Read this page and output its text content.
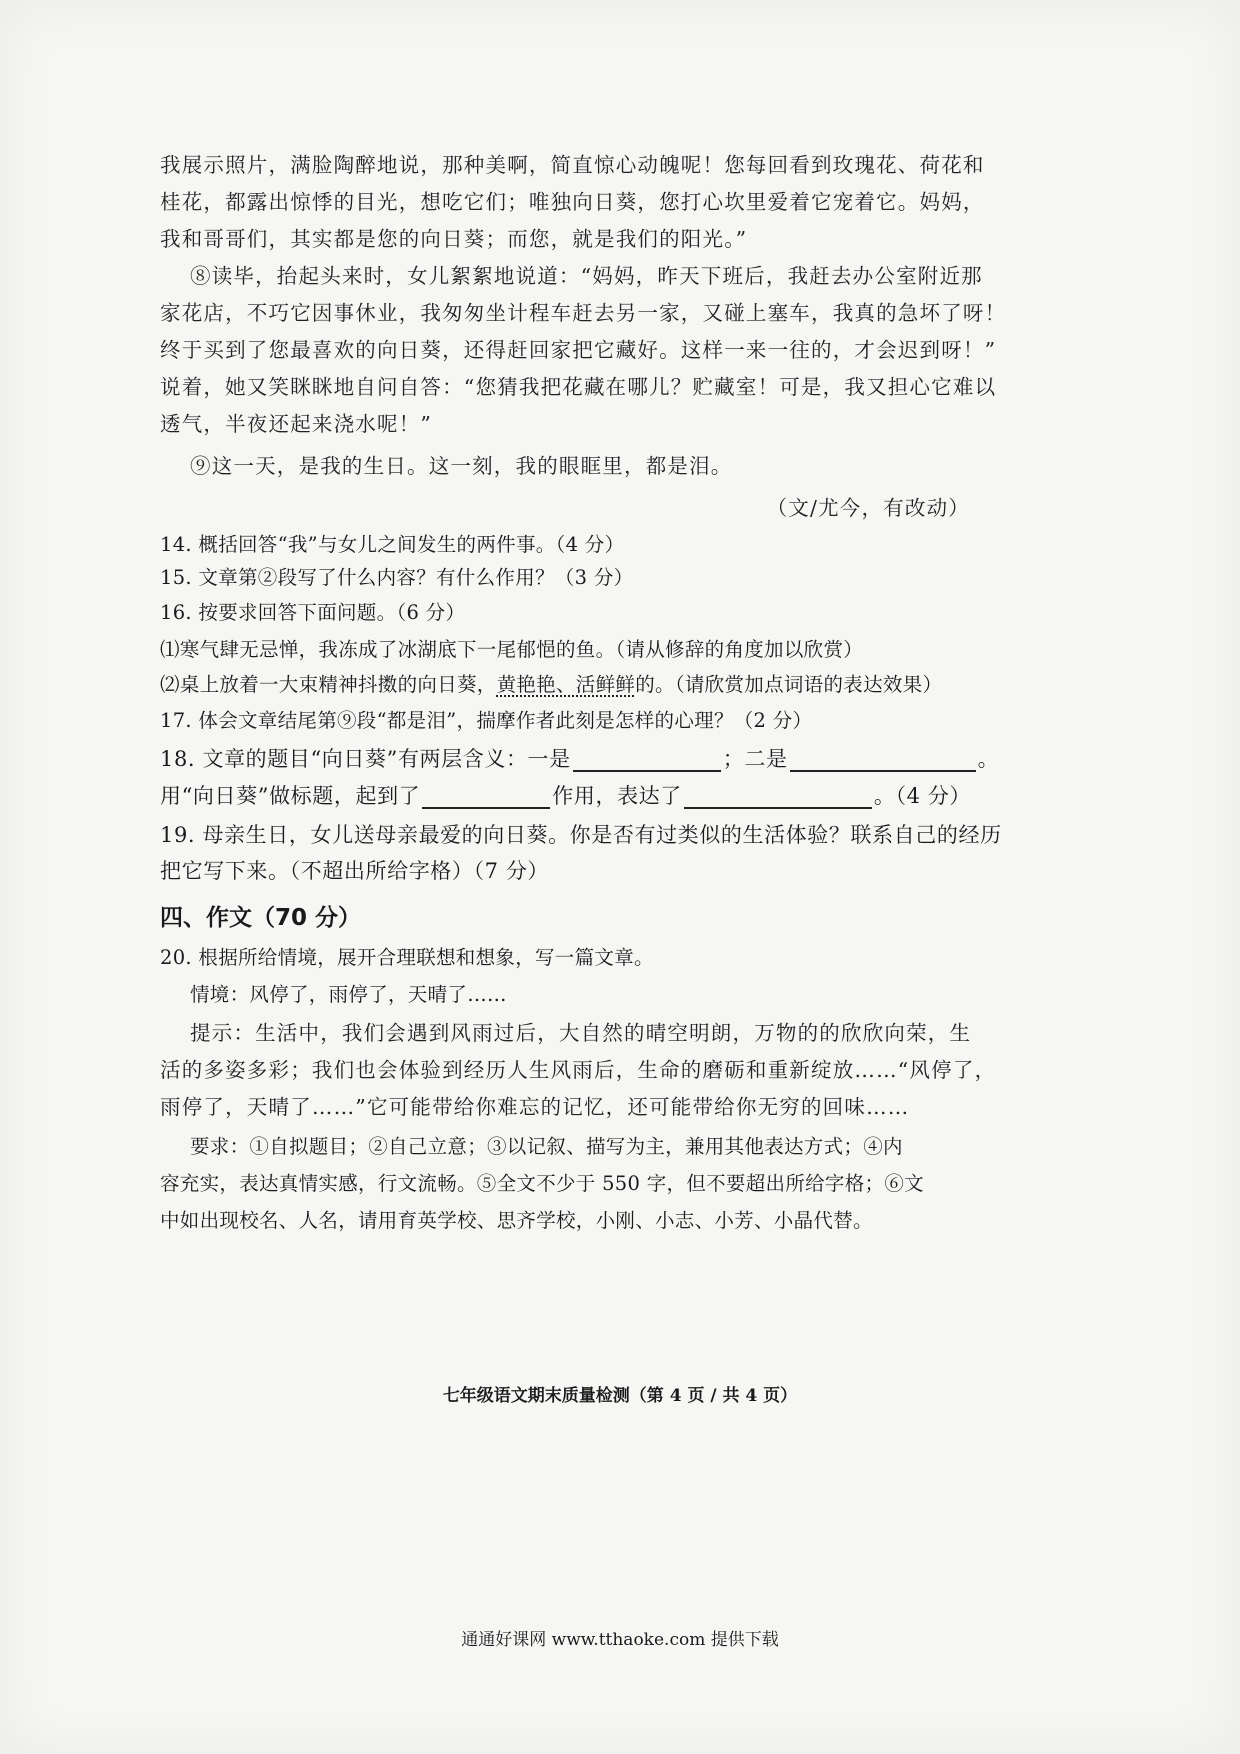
我展示照片，满脸陶醉地说，那种美啊，简直惊心动魄呢！您每回看到玫瑰花、荷花和
桂花，都露出惊悸的目光，想吃它们；唯独向日葵，您打心坎里爱着它宠着它。妈妈，
我和哥哥们，其实都是您的向日葵；而您，就是我们的阳光。”
⑧读毕，抬起头来时，女儿絮絮地说道：“妈妈，昨天下班后，我赶去办公室附近那
家花店，不巧它因事休业，我匆匆坐计程车赶去另一家，又碰上塞车，我真的急坏了呀！
终于买到了您最喜欢的向日葵，还得赶回家把它藏好。这样一来一往的，才会迟到呀！”
说着，她又笑眯眯地自问自答：“您猜我把花藏在哪儿？贮藏室！可是，我又担心它难以
透气，半夜还起来浇水呢！”
⑨这一天，是我的生日。这一刻，我的眼眶里，都是泪。
（文/尤今，有改动）
14. 概括回答“我”与女儿之间发生的两件事。（4 分）
15. 文章第②段写了什么内容？有什么作用？（3 分）
16. 按要求回答下面问题。（6 分）
⑴寒气肆无忌惮，我冻成了冰湖底下一尾郁悒的鱼。（请从修辞的角度加以欣赏）
⑵桌上放着一大束精神抖擞的向日葵，黄艳艳、活鲜鲜的。（请欣赏加点词语的表达效果）
17. 体会文章结尾第⑨段“都是泪”，揣摩作者此刻是怎样的心理？（2 分）
18. 文章的题目“向日葵”有两层含义：一是	；二是	。
用“向日葵”做标题，起到了	作用，表达了	。（4 分）
19. 母亲生日，女儿送母亲最爱的向日葵。你是否有过类似的生活体验？联系自己的经历
把它写下来。（不超出所给字格）（7 分）
四、作文（70 分）
20. 根据所给情境，展开合理联想和想象，写一篇文章。
情境：风停了，雨停了，天晴了……
提示：生活中，我们会遇到风雨过后，大自然的晴空明朗，万物的的欣欣向荣，生
活的多姿多彩；我们也会体验到经历人生风雨后，生命的磨砺和重新绽放……“风停了，
雨停了，天晴了……”它可能带给你难忘的记忆，还可能带给你无穷的回味……
要求：①自拟题目；②自己立意；③以记叙、描写为主，兼用其他表达方式；④内
容充实，表达真情实感，行文流畅。⑤全文不少于 550 字，但不要超出所给字格；⑥文
中如出现校名、人名，请用育英学校、思齐学校，小刚、小志、小芳、小晶代替。
七年级语文期末质量检测（第 4 页 / 共 4 页）
通通好课网 www.tthaoke.com 提供下载
